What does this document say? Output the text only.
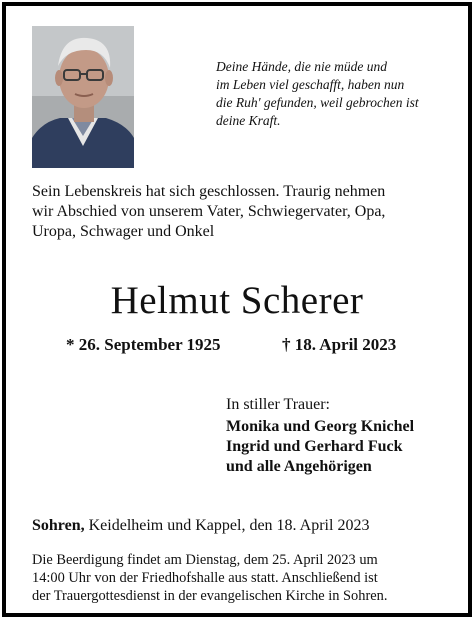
Deine Hände, die nie müde und
im Leben viel geschafft, haben nun
die Ruh' gefunden, weil gebrochen ist
deine Kraft.
Sein Lebenskreis hat sich geschlossen. Traurig nehmen
wir Abschied von unserem Vater, Schwiegervater, Opa,
Uropa, Schwager und Onkel
Helmut Scherer
* 26. September 1925	† 18. April 2023
In stiller Trauer:
Monika und Georg Knichel
Ingrid und Gerhard Fuck
und alle Angehörigen
Sohren, Keidelheim und Kappel, den 18. April 2023
Die Beerdigung findet am Dienstag, dem 25. April 2023 um
14:00 Uhr von der Friedhofshalle aus statt. Anschließend ist
der Trauergottesdienst in der evangelischen Kirche in Sohren.
